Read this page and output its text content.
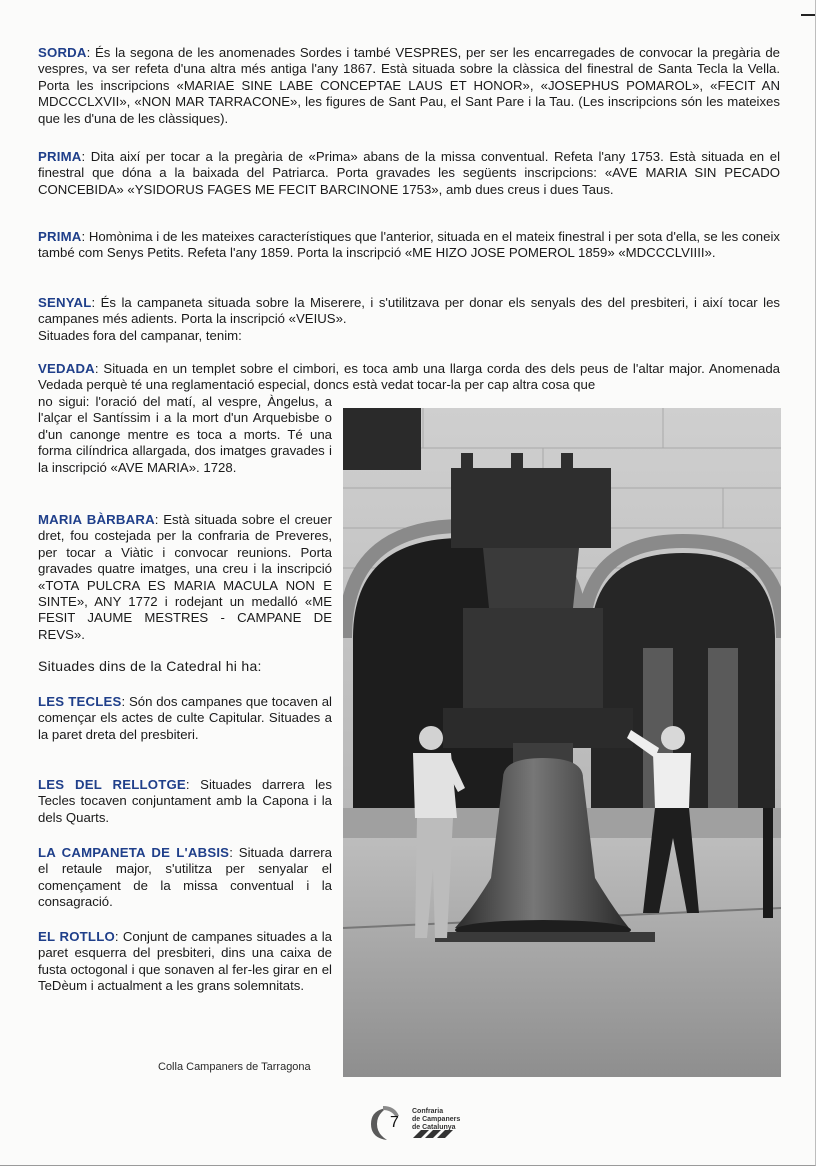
SORDA: És la segona de les anomenades Sordes i també VESPRES, per ser les encarregades de convocar la pregària de vespres, va ser refeta d'una altra més antiga l'any 1867. Està situada sobre la clàssica del finestral de Santa Tecla la Vella. Porta les inscripcions «MARIAE SINE LABE CONCEPTAE LAUS ET HONOR», «JOSEPHUS POMAROL», «FECIT AN MDCCCLXVII», «NON MAR TARRACONE», les figures de Sant Pau, el Sant Pare i la Tau. (Les inscripcions són les mateixes que les d'una de les clàssiques).

PRIMA: Dita així per tocar a la pregària de «Prima» abans de la missa conventual. Refeta l'any 1753. Està situada en el finestral que dóna a la baixada del Patriarca. Porta gravades les següents inscripcions: «AVE MARIA SIN PECADO CONCEBIDA» «YSIDORUS FAGES ME FECIT BARCINONE 1753», amb dues creus i dues Taus.

PRIMA: Homònima i de les mateixes característiques que l'anterior, situada en el mateix finestral i per sota d'ella, se les coneix també com Senys Petits. Refeta l'any 1859. Porta la inscripció «ME HIZO JOSE POMEROL 1859» «MDCCCLVIIII».

SENYAL: És la campaneta situada sobre la Miserere, i s'utilitzava per donar els senyals des del presbiteri, i així tocar les campanes més adients. Porta la inscripció «VEIUS».

Situades fora del campanar, tenim:

VEDADA: Situada en un templet sobre el cimbori, es toca amb una llarga corda des dels peus de l'altar major. Anomenada Vedada perquè té una reglamentació especial, doncs està vedat tocar-la per cap altra cosa que

no sigui: l'oració del matí, al vespre, Àngelus, a l'alçar el Santíssim i a la mort d'un Arquebisbe o d'un canonge mentre es toca a morts. Té una forma cilíndrica allargada, dos imatges gravades i la inscripció «AVE MARIA». 1728.

MARIA BÀRBARA: Està situada sobre el creuer dret, fou costejada per la confraria de Preveres, per tocar a Viàtic i convocar reunions. Porta gravades quatre imatges, una creu i la inscripció «TOTA PULCRA ES MARIA MACULA NON E SINTE», ANY 1772 i rodejant un medalló «ME FESIT JAUME MESTRES - CAMPANE DE REVS».

Situades dins de la Catedral hi ha:

LES TECLES: Són dos campanes que tocaven al començar els actes de culte Capitular. Situades a la paret dreta del presbiteri.

LES DEL RELLOTGE: Situades darrera les Tecles tocaven conjuntament amb la Capona i la dels Quarts.

LA CAMPANETA DE L'ABSIS: Situada darrera el retaule major, s'utilitza per senyalar el començament de la missa conventual i la consagració.

EL ROTLLO: Conjunt de campanes situades a la paret esquerra del presbiteri, dins una caixa de fusta octogonal i que sonaven al fer-les girar en el TeDèum i actualment a les grans solemnitats.

Colla Campaners de Tarragona
7
Confraria
de Campaners
de Catalunya
